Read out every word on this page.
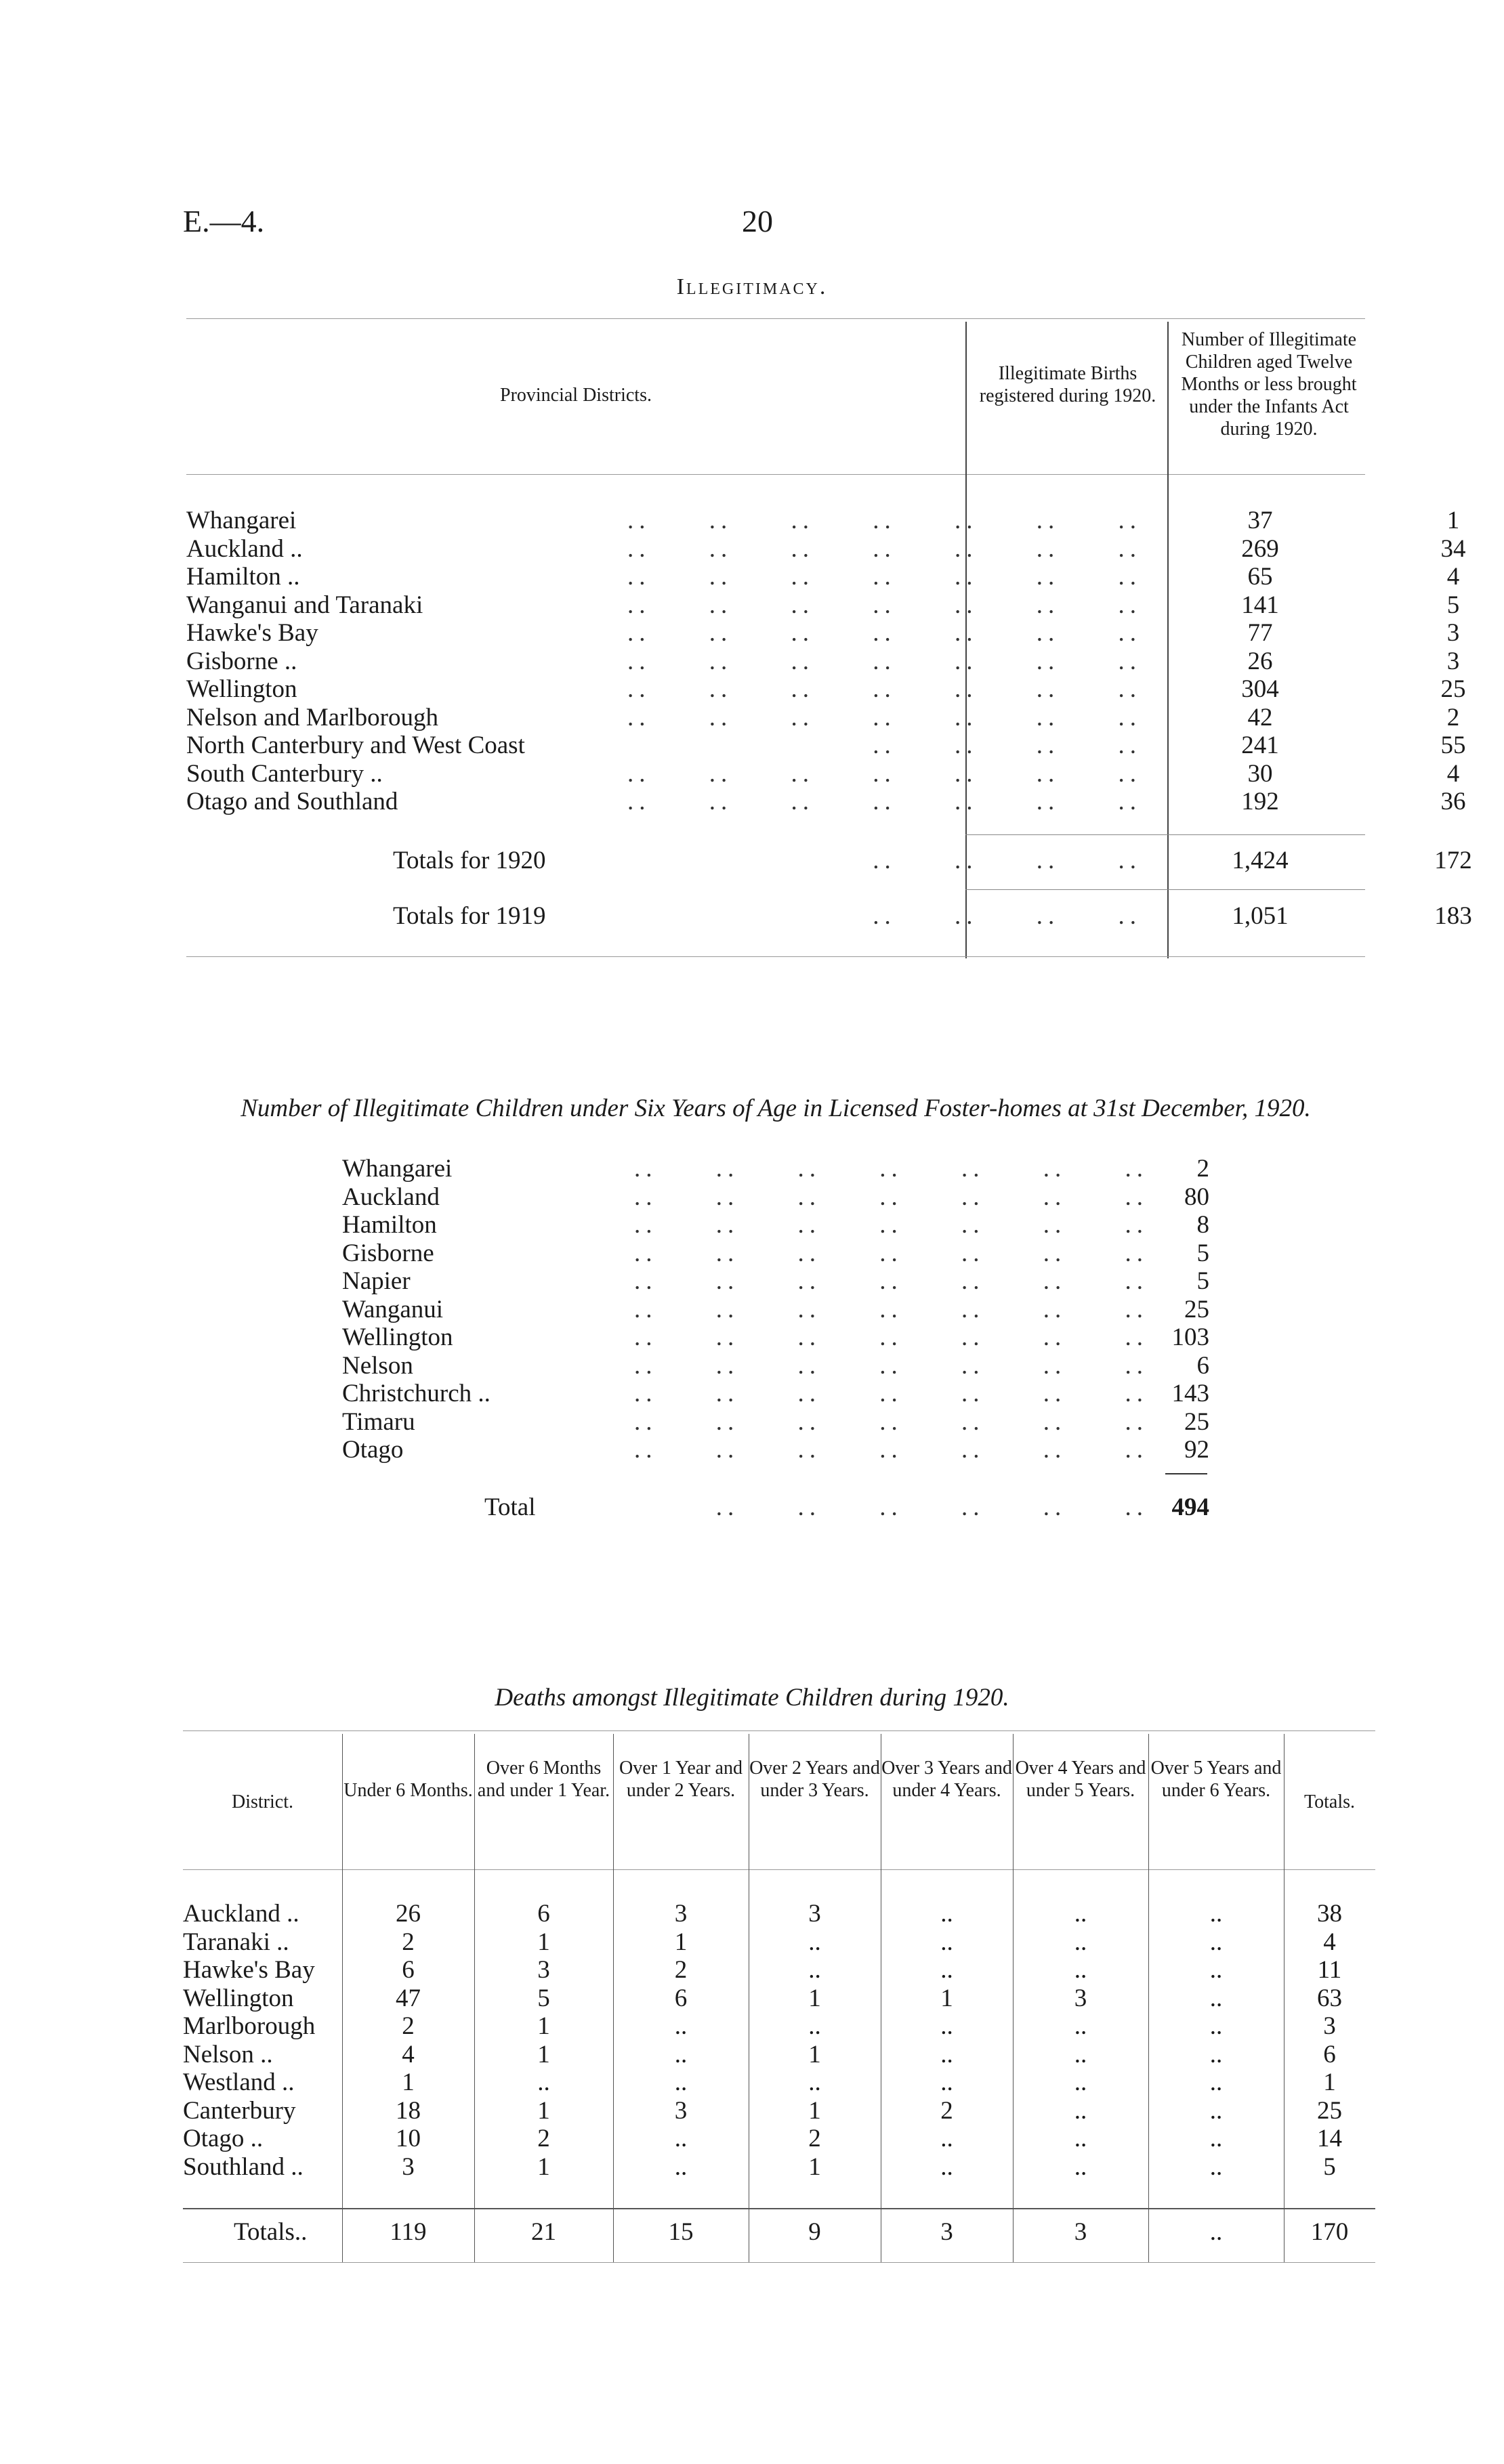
E.—4.	20
Illegitimacy.
Provincial Districts.
Illegitimate Births registered during 1920.
Number of Illegitimate Children aged Twelve Months or less brought under the Infants Act during 1920.
Whangarei	..     ..     ..     ..     ..     ..     ..	37	1
Auckland ..	..     ..     ..     ..     ..     ..     ..	269	34
Hamilton ..	..     ..     ..     ..     ..     ..     ..	65	4
Wanganui and Taranaki	..     ..     ..     ..     ..     ..     ..	141	5
Hawke's Bay	..     ..     ..     ..     ..     ..     ..	77	3
Gisborne ..	..     ..     ..     ..     ..     ..     ..	26	3
Wellington	..     ..     ..     ..     ..     ..     ..	304	25
Nelson and Marlborough	..     ..     ..     ..     ..     ..     ..	42	2
North Canterbury and West Coast	..     ..     ..     ..	241	55
South Canterbury ..	..     ..     ..     ..     ..     ..     ..	30	4
Otago and Southland	..     ..     ..     ..     ..     ..     ..	192	36
Totals for 1920	..     ..     ..     ..	1,424	172
Totals for 1919	..     ..     ..     ..	1,051	183
Number of Illegitimate Children under Six Years of Age in Licensed Foster-homes at 31st December, 1920.
Whangarei	..     ..     ..     ..     ..     ..     ..	2
Auckland	..     ..     ..     ..     ..     ..     ..	80
Hamilton	..     ..     ..     ..     ..     ..     ..	8
Gisborne	..     ..     ..     ..     ..     ..     ..	5
Napier	..     ..     ..     ..     ..     ..     ..	5
Wanganui	..     ..     ..     ..     ..     ..     ..	25
Wellington	..     ..     ..     ..     ..     ..     .. 103
Nelson	..     ..     ..     ..     ..     ..     ..	6
Christchurch ..	..     ..     ..     ..     ..     ..     .. 143
Timaru	..     ..     ..     ..     ..     ..     ..	25
Otago	..     ..     ..     ..     ..     ..     ..	92
Total	..     ..     ..     ..     ..     .. 494
Deaths amongst Illegitimate Children during 1920.
District.
Under 6 Months.
Over 6 Months and under 1 Year.
Over 1 Year and under 2 Years.
Over 2 Years and under 3 Years.
Over 3 Years and under 4 Years.
Over 4 Years and under 5 Years.
Over 5 Years and under 6 Years.
Totals.
Auckland ..	26	6	3	3	..	..	..	38
Taranaki ..	2	1	1	..	..	..	..	4
Hawke's Bay	6	3	2	..	..	..	..	11
Wellington	47	5	6	1	1	3	..	63
Marlborough	2	1	..	..	..	..	..	3
Nelson ..	4	1	..	1	..	..	..	6
Westland ..	1	..	..	..	..	..	..	1
Canterbury	18	1	3	1	2	..	..	25
Otago ..	10	2	..	2	..	..	..	14
Southland ..	3	1	..	1	..	..	..	5
Totals..	119	21	15	9	3	3	..	170
